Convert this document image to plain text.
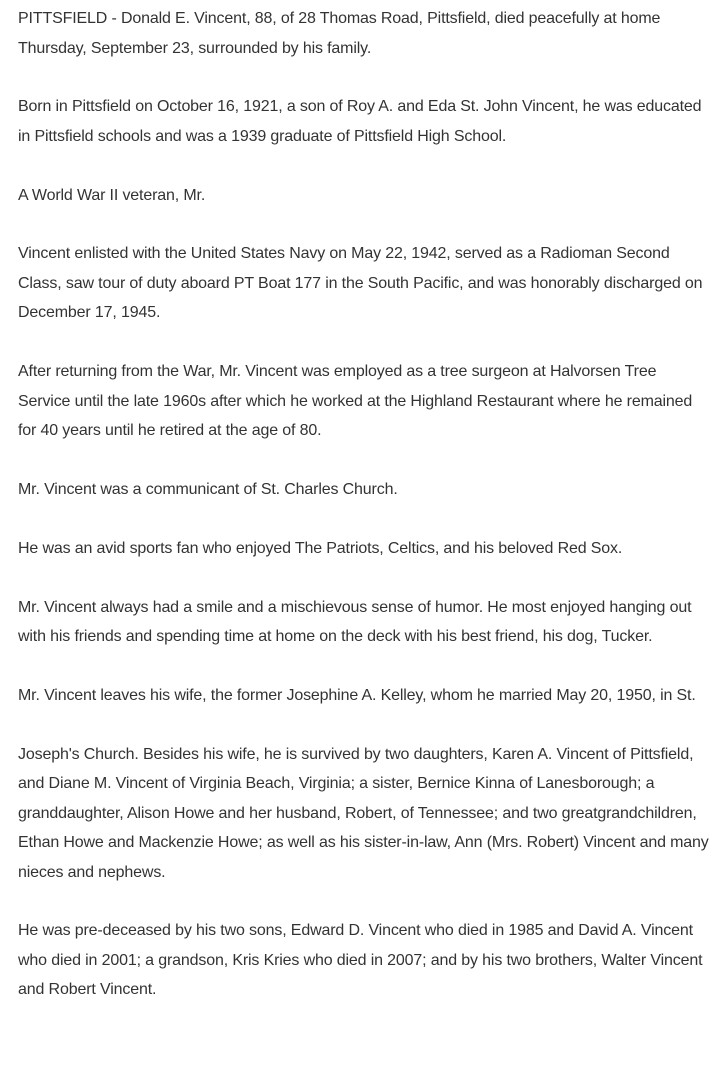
PITTSFIELD - Donald E. Vincent, 88, of 28 Thomas Road, Pittsfield, died peacefully at home Thursday, September 23, surrounded by his family.

Born in Pittsfield on October 16, 1921, a son of Roy A. and Eda St. John Vincent, he was educated in Pittsfield schools and was a 1939 graduate of Pittsfield High School.

A World War II veteran, Mr.

Vincent enlisted with the United States Navy on May 22, 1942, served as a Radioman Second Class, saw tour of duty aboard PT Boat 177 in the South Pacific, and was honorably discharged on December 17, 1945.

After returning from the War, Mr. Vincent was employed as a tree surgeon at Halvorsen Tree Service until the late 1960s after which he worked at the Highland Restaurant where he remained for 40 years until he retired at the age of 80.

Mr. Vincent was a communicant of St. Charles Church.

He was an avid sports fan who enjoyed The Patriots, Celtics, and his beloved Red Sox.

Mr. Vincent always had a smile and a mischievous sense of humor. He most enjoyed hanging out with his friends and spending time at home on the deck with his best friend, his dog, Tucker.

Mr. Vincent leaves his wife, the former Josephine A. Kelley, whom he married May 20, 1950, in St.

Joseph's Church. Besides his wife, he is survived by two daughters, Karen A. Vincent of Pittsfield, and Diane M. Vincent of Virginia Beach, Virginia; a sister, Bernice Kinna of Lanesborough; a granddaughter, Alison Howe and her husband, Robert, of Tennessee; and two greatgrandchildren, Ethan Howe and Mackenzie Howe; as well as his sister-in-law, Ann (Mrs. Robert) Vincent and many nieces and nephews.

He was pre-deceased by his two sons, Edward D. Vincent who died in 1985 and David A. Vincent who died in 2001; a grandson, Kris Kries who died in 2007; and by his two brothers, Walter Vincent and Robert Vincent.
